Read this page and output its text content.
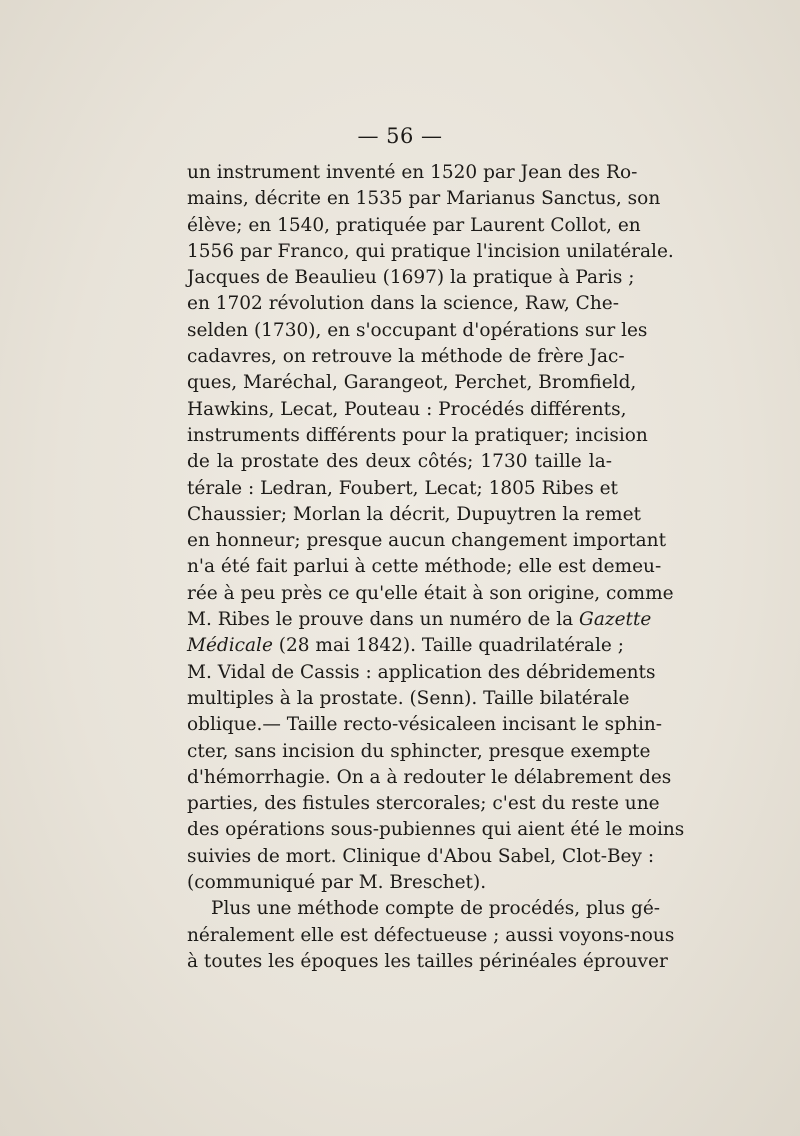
— 56 —
un instrument inventé en 1520 par Jean des Ro-
mains, décrite en 1535 par Marianus Sanctus, son
élève; en 1540, pratiquée par Laurent Collot, en
1556 par Franco, qui pratique l'incision unilatérale.
Jacques de Beaulieu (1697) la pratique à Paris ;
en 1702 révolution dans la science, Raw, Che-
selden (1730), en s'occupant d'opérations sur les
cadavres, on retrouve la méthode de frère Jac-
ques, Maréchal, Garangeot, Perchet, Bromfield,
Hawkins, Lecat, Pouteau : Procédés différents,
instruments différents pour la pratiquer; incision
de la prostate des deux côtés; 1730 taille la-
térale : Ledran, Foubert, Lecat; 1805 Ribes et
Chaussier; Morlan la décrit, Dupuytren la remet
en honneur; presque aucun changement important
n'a été fait parlui à cette méthode; elle est demeu-
rée à peu près ce qu'elle était à son origine, comme
M. Ribes le prouve dans un numéro de la Gazette
Médicale (28 mai 1842). Taille quadrilatérale ;
M. Vidal de Cassis : application des débridements
multiples à la prostate. (Senn). Taille bilatérale
oblique.— Taille recto-vésicaleen incisant le sphin-
cter, sans incision du sphincter, presque exempte
d'hémorrhagie. On a à redouter le délabrement des
parties, des fistules stercorales; c'est du reste une
des opérations sous-pubiennes qui aient été le moins
suivies de mort. Clinique d'Abou Sabel, Clot-Bey :
(communiqué par M. Breschet).
Plus une méthode compte de procédés, plus gé-
néralement elle est défectueuse ; aussi voyons-nous
à toutes les époques les tailles périnéales éprouver
